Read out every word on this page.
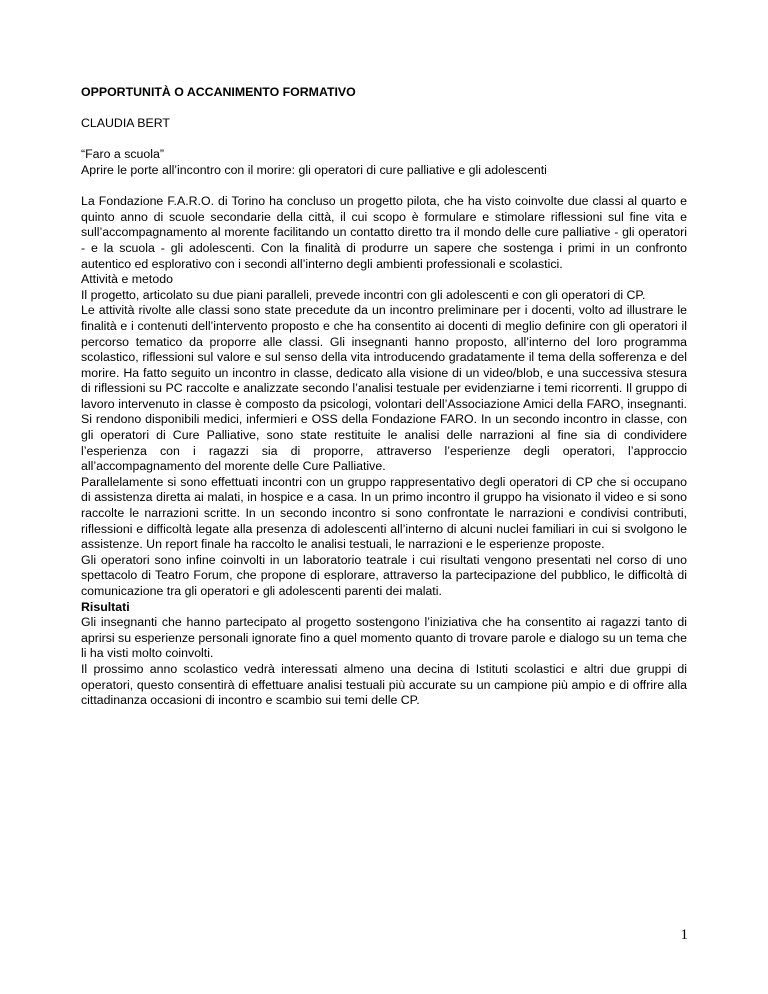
OPPORTUNITÀ O ACCANIMENTO FORMATIVO

CLAUDIA BERT

“Faro a scuola”

Aprire le porte all’incontro con il morire: gli operatori di cure palliative e gli adolescenti

La Fondazione F.A.R.O. di Torino ha concluso un progetto pilota, che ha visto coinvolte due classi al quarto e quinto anno di scuole secondarie della città, il cui scopo è formulare e stimolare riflessioni sul fine vita e sull’accompagnamento al morente facilitando un contatto diretto tra il mondo delle cure palliative - gli operatori - e la scuola - gli adolescenti. Con la finalità di produrre un sapere che sostenga i primi in un confronto autentico ed esplorativo con i secondi all’interno degli ambienti professionali e scolastici.

Attività e metodo

Il progetto, articolato su due piani paralleli, prevede incontri con gli adolescenti e con gli operatori di CP.

Le attività rivolte alle classi sono state precedute da un incontro preliminare per i docenti, volto ad illustrare le finalità e i contenuti dell’intervento proposto e che ha consentito ai docenti di meglio definire con gli operatori il percorso tematico da proporre alle classi. Gli insegnanti hanno proposto, all’interno del loro programma scolastico, riflessioni sul valore e sul senso della vita introducendo gradatamente il tema della sofferenza e del morire. Ha fatto seguito un incontro in classe, dedicato alla visione di un video/blob, e una successiva stesura di riflessioni su PC raccolte e analizzate secondo l’analisi testuale per evidenziarne i temi ricorrenti. Il gruppo di lavoro intervenuto in classe è composto da psicologi, volontari dell’Associazione Amici della FARO, insegnanti. Si rendono disponibili medici, infermieri e OSS della Fondazione FARO. In un secondo incontro in classe, con gli operatori di Cure Palliative, sono state restituite le analisi delle narrazioni al fine sia di condividere l’esperienza con i ragazzi sia di proporre, attraverso l’esperienze degli operatori, l’approccio all’accompagnamento del morente delle Cure Palliative.

Parallelamente si sono effettuati incontri con un gruppo rappresentativo degli operatori di CP che si occupano di assistenza diretta ai malati, in hospice e a casa. In un primo incontro il gruppo ha visionato il video e si sono raccolte le narrazioni scritte. In un secondo incontro si sono confrontate le narrazioni e condivisi contributi, riflessioni e difficoltà legate alla presenza di adolescenti all’interno di alcuni nuclei familiari in cui si svolgono le assistenze. Un report finale ha raccolto le analisi testuali, le narrazioni e le esperienze proposte.

Gli operatori sono infine coinvolti in un laboratorio teatrale i cui risultati vengono presentati nel corso di uno spettacolo di Teatro Forum, che propone di esplorare, attraverso la partecipazione del pubblico, le difficoltà di comunicazione tra gli operatori e gli adolescenti parenti dei malati.

Risultati

Gli insegnanti che hanno partecipato al progetto sostengono l’iniziativa che ha consentito ai ragazzi tanto di aprirsi su esperienze personali ignorate fino a quel momento quanto di trovare parole e dialogo su un tema che li ha visti molto coinvolti.

Il prossimo anno scolastico vedrà interessati almeno una decina di Istituti scolastici e altri due gruppi di operatori, questo consentirà di effettuare analisi testuali più accurate su un campione più ampio e di offrire alla cittadinanza occasioni di incontro e scambio sui temi delle CP.

1
